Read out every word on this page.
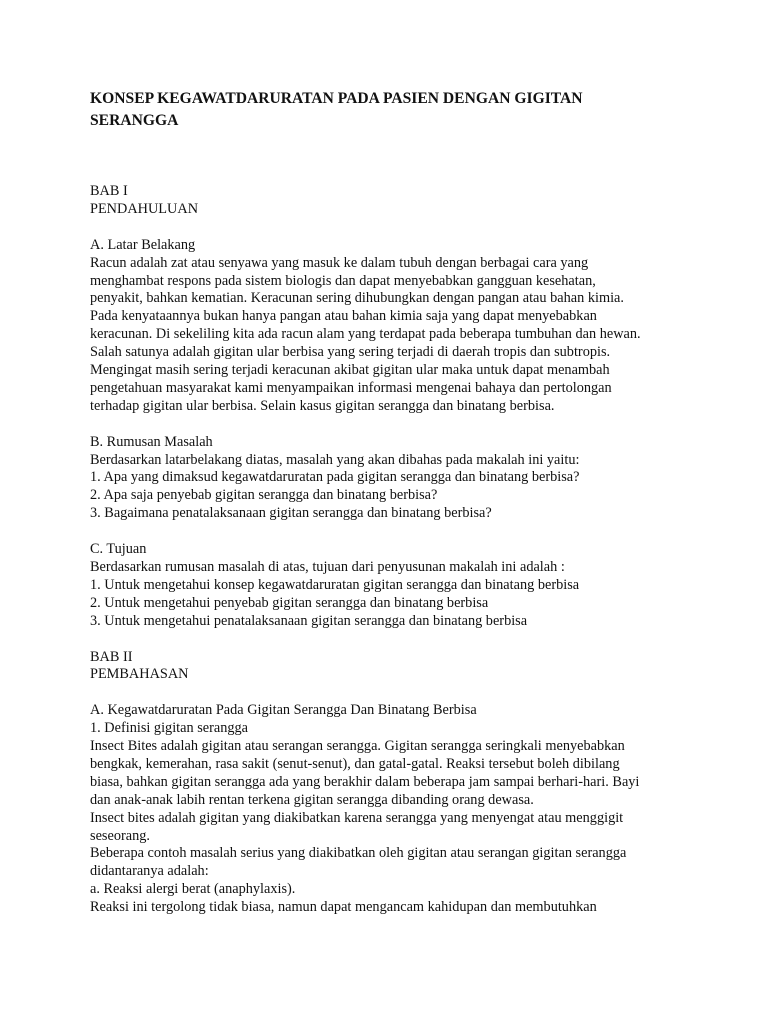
KONSEP KEGAWATDARURATAN PADA PASIEN DENGAN GIGITAN
SERANGGA
BAB I
PENDAHULUAN
A. Latar Belakang
Racun adalah zat atau senyawa yang masuk ke dalam tubuh dengan berbagai cara yang
menghambat respons pada sistem biologis dan dapat menyebabkan gangguan kesehatan,
penyakit, bahkan kematian. Keracunan sering dihubungkan dengan pangan atau bahan kimia.
Pada kenyataannya bukan hanya pangan atau bahan kimia saja yang dapat menyebabkan
keracunan. Di sekeliling kita ada racun alam yang terdapat pada beberapa tumbuhan dan hewan.
Salah satunya adalah gigitan ular berbisa yang sering terjadi di daerah tropis dan subtropis.
Mengingat masih sering terjadi keracunan akibat gigitan ular maka untuk dapat menambah
pengetahuan masyarakat kami menyampaikan informasi mengenai bahaya dan pertolongan
terhadap gigitan ular berbisa. Selain kasus gigitan serangga dan binatang berbisa.
B. Rumusan Masalah
Berdasarkan latarbelakang diatas, masalah yang akan dibahas pada makalah ini yaitu:
1. Apa yang dimaksud kegawatdaruratan pada gigitan serangga dan binatang berbisa?
2. Apa saja penyebab gigitan serangga dan binatang berbisa?
3. Bagaimana penatalaksanaan gigitan serangga dan binatang berbisa?
C. Tujuan
Berdasarkan rumusan masalah di atas, tujuan dari penyusunan makalah ini adalah :
1. Untuk mengetahui konsep kegawatdaruratan gigitan serangga dan binatang berbisa
2. Untuk mengetahui penyebab gigitan serangga dan binatang berbisa
3. Untuk mengetahui penatalaksanaan gigitan serangga dan binatang berbisa
BAB II
PEMBAHASAN
A. Kegawatdaruratan Pada Gigitan Serangga Dan Binatang Berbisa
1. Definisi gigitan serangga
Insect Bites adalah gigitan atau serangan serangga. Gigitan serangga seringkali menyebabkan
bengkak, kemerahan, rasa sakit (senut-senut), dan gatal-gatal. Reaksi tersebut boleh dibilang
biasa, bahkan gigitan serangga ada yang berakhir dalam beberapa jam sampai berhari-hari. Bayi
dan anak-anak labih rentan terkena gigitan serangga dibanding orang dewasa.
Insect bites adalah gigitan yang diakibatkan karena serangga yang menyengat atau menggigit
seseorang.
Beberapa contoh masalah serius yang diakibatkan oleh gigitan atau serangan gigitan serangga
didantaranya adalah:
a. Reaksi alergi berat (anaphylaxis).
Reaksi ini tergolong tidak biasa, namun dapat mengancam kahidupan dan membutuhkan
